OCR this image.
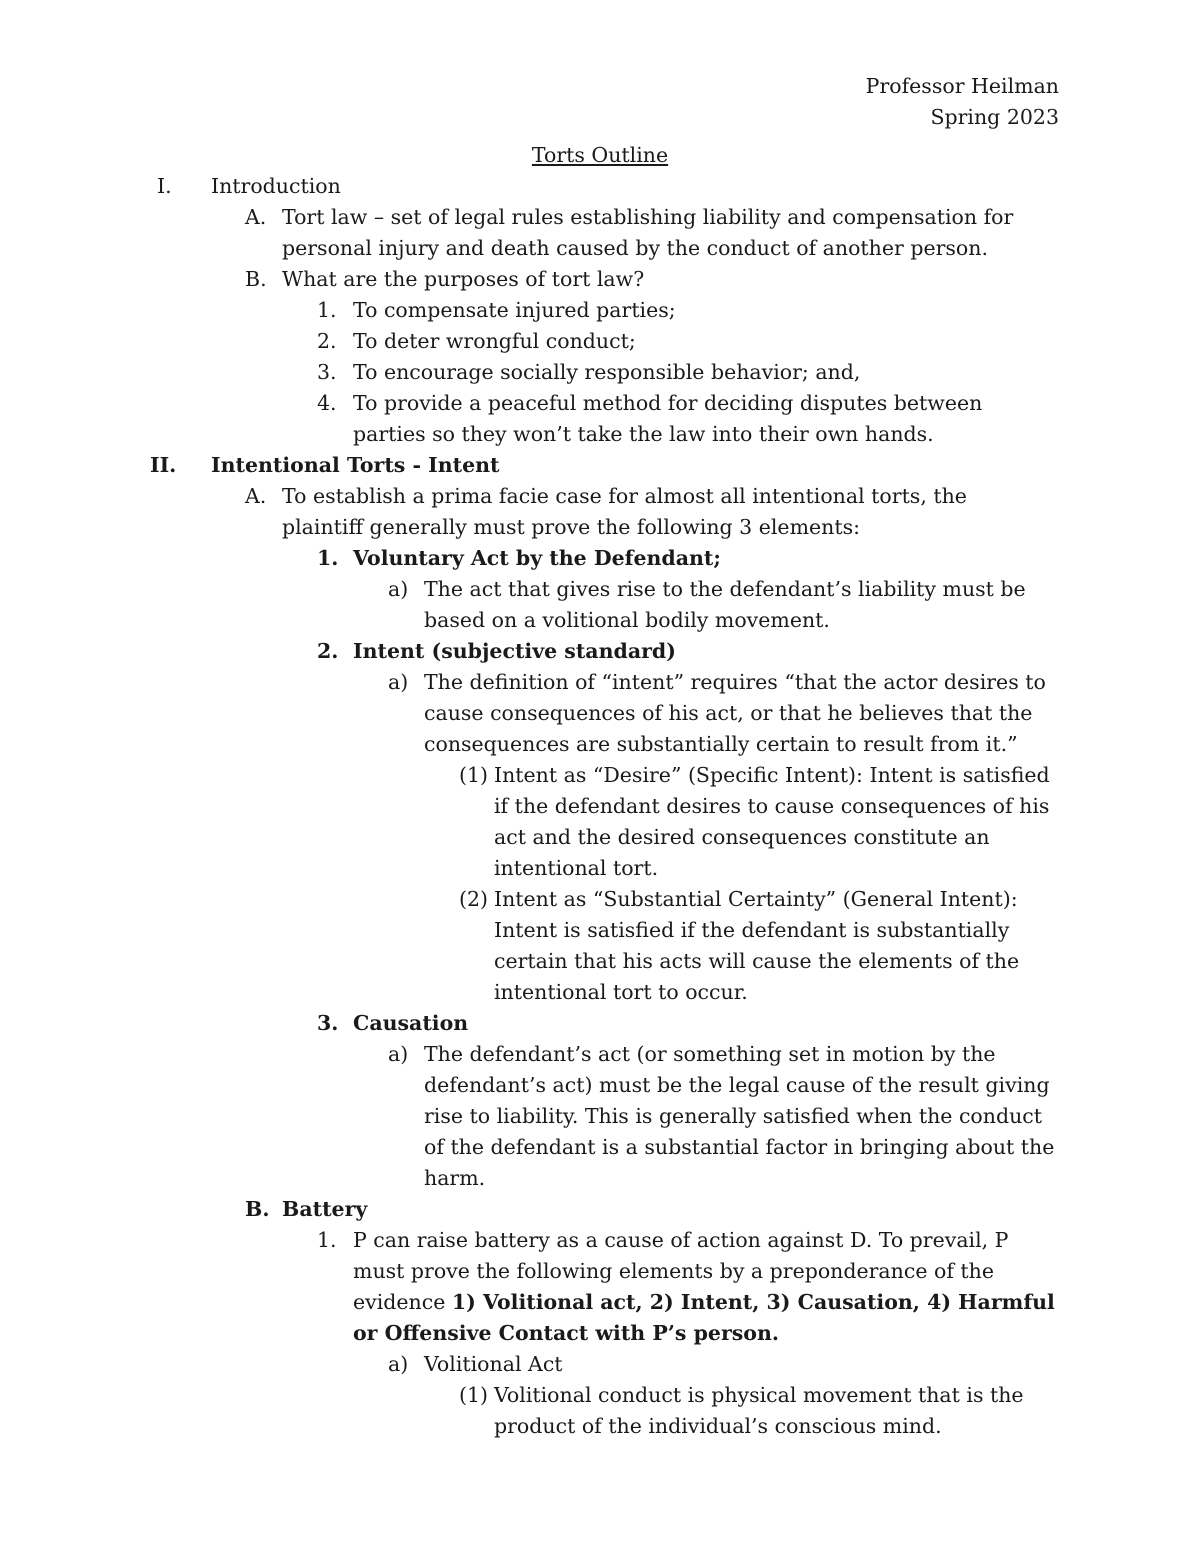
Professor Heilman
Spring 2023
Torts Outline
I. Introduction
A. Tort law – set of legal rules establishing liability and compensation for personal injury and death caused by the conduct of another person.
B. What are the purposes of tort law?
1. To compensate injured parties;
2. To deter wrongful conduct;
3. To encourage socially responsible behavior; and,
4. To provide a peaceful method for deciding disputes between parties so they won’t take the law into their own hands.
II. Intentional Torts - Intent
A. To establish a prima facie case for almost all intentional torts, the plaintiff generally must prove the following 3 elements:
1. Voluntary Act by the Defendant;
a) The act that gives rise to the defendant’s liability must be based on a volitional bodily movement.
2. Intent (subjective standard)
a) The definition of “intent” requires “that the actor desires to cause consequences of his act, or that he believes that the consequences are substantially certain to result from it.”
(1) Intent as “Desire” (Specific Intent): Intent is satisfied if the defendant desires to cause consequences of his act and the desired consequences constitute an intentional tort.
(2) Intent as “Substantial Certainty” (General Intent): Intent is satisfied if the defendant is substantially certain that his acts will cause the elements of the intentional tort to occur.
3. Causation
a) The defendant’s act (or something set in motion by the defendant’s act) must be the legal cause of the result giving rise to liability. This is generally satisfied when the conduct of the defendant is a substantial factor in bringing about the harm.
B. Battery
1. P can raise battery as a cause of action against D. To prevail, P must prove the following elements by a preponderance of the evidence 1) Volitional act, 2) Intent, 3) Causation, 4) Harmful or Offensive Contact with P’s person.
a) Volitional Act
(1) Volitional conduct is physical movement that is the product of the individual’s conscious mind.
